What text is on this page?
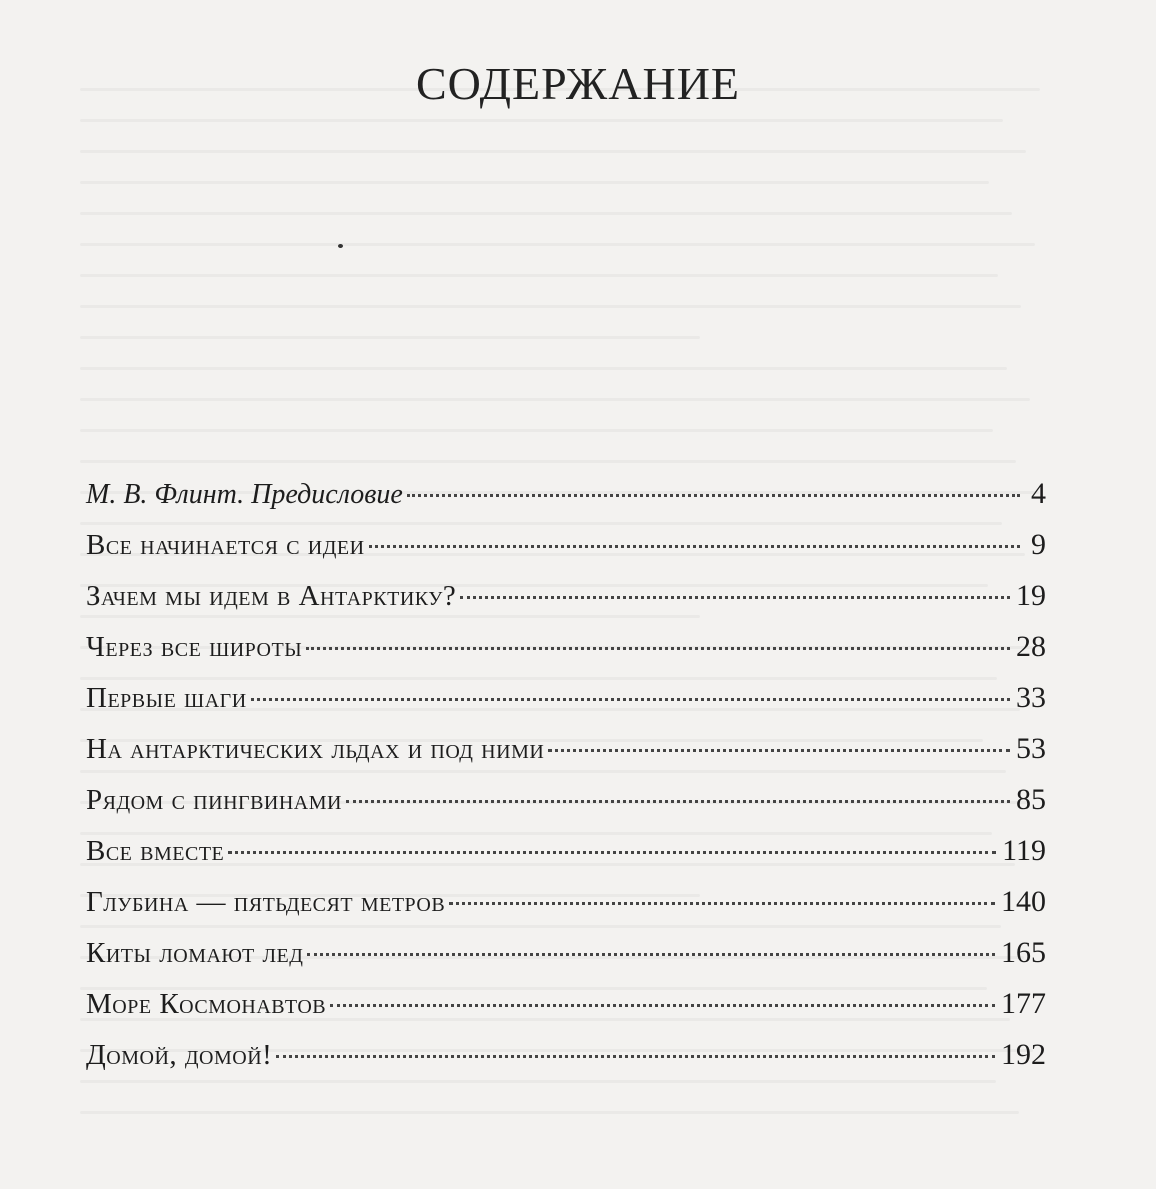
СОДЕРЖАНИЕ
М. В. Флинт. Предисловие	4
Все начинается с идеи	9
Зачем мы идем в Антарктику?	19
Через все широты	28
Первые шаги	33
На антарктических льдах и под ними	53
Рядом с пингвинами	85
Все вместе	119
Глубина — пятьдесят метров	140
Киты ломают лед	165
Море Космонавтов	177
Домой, домой!	192
